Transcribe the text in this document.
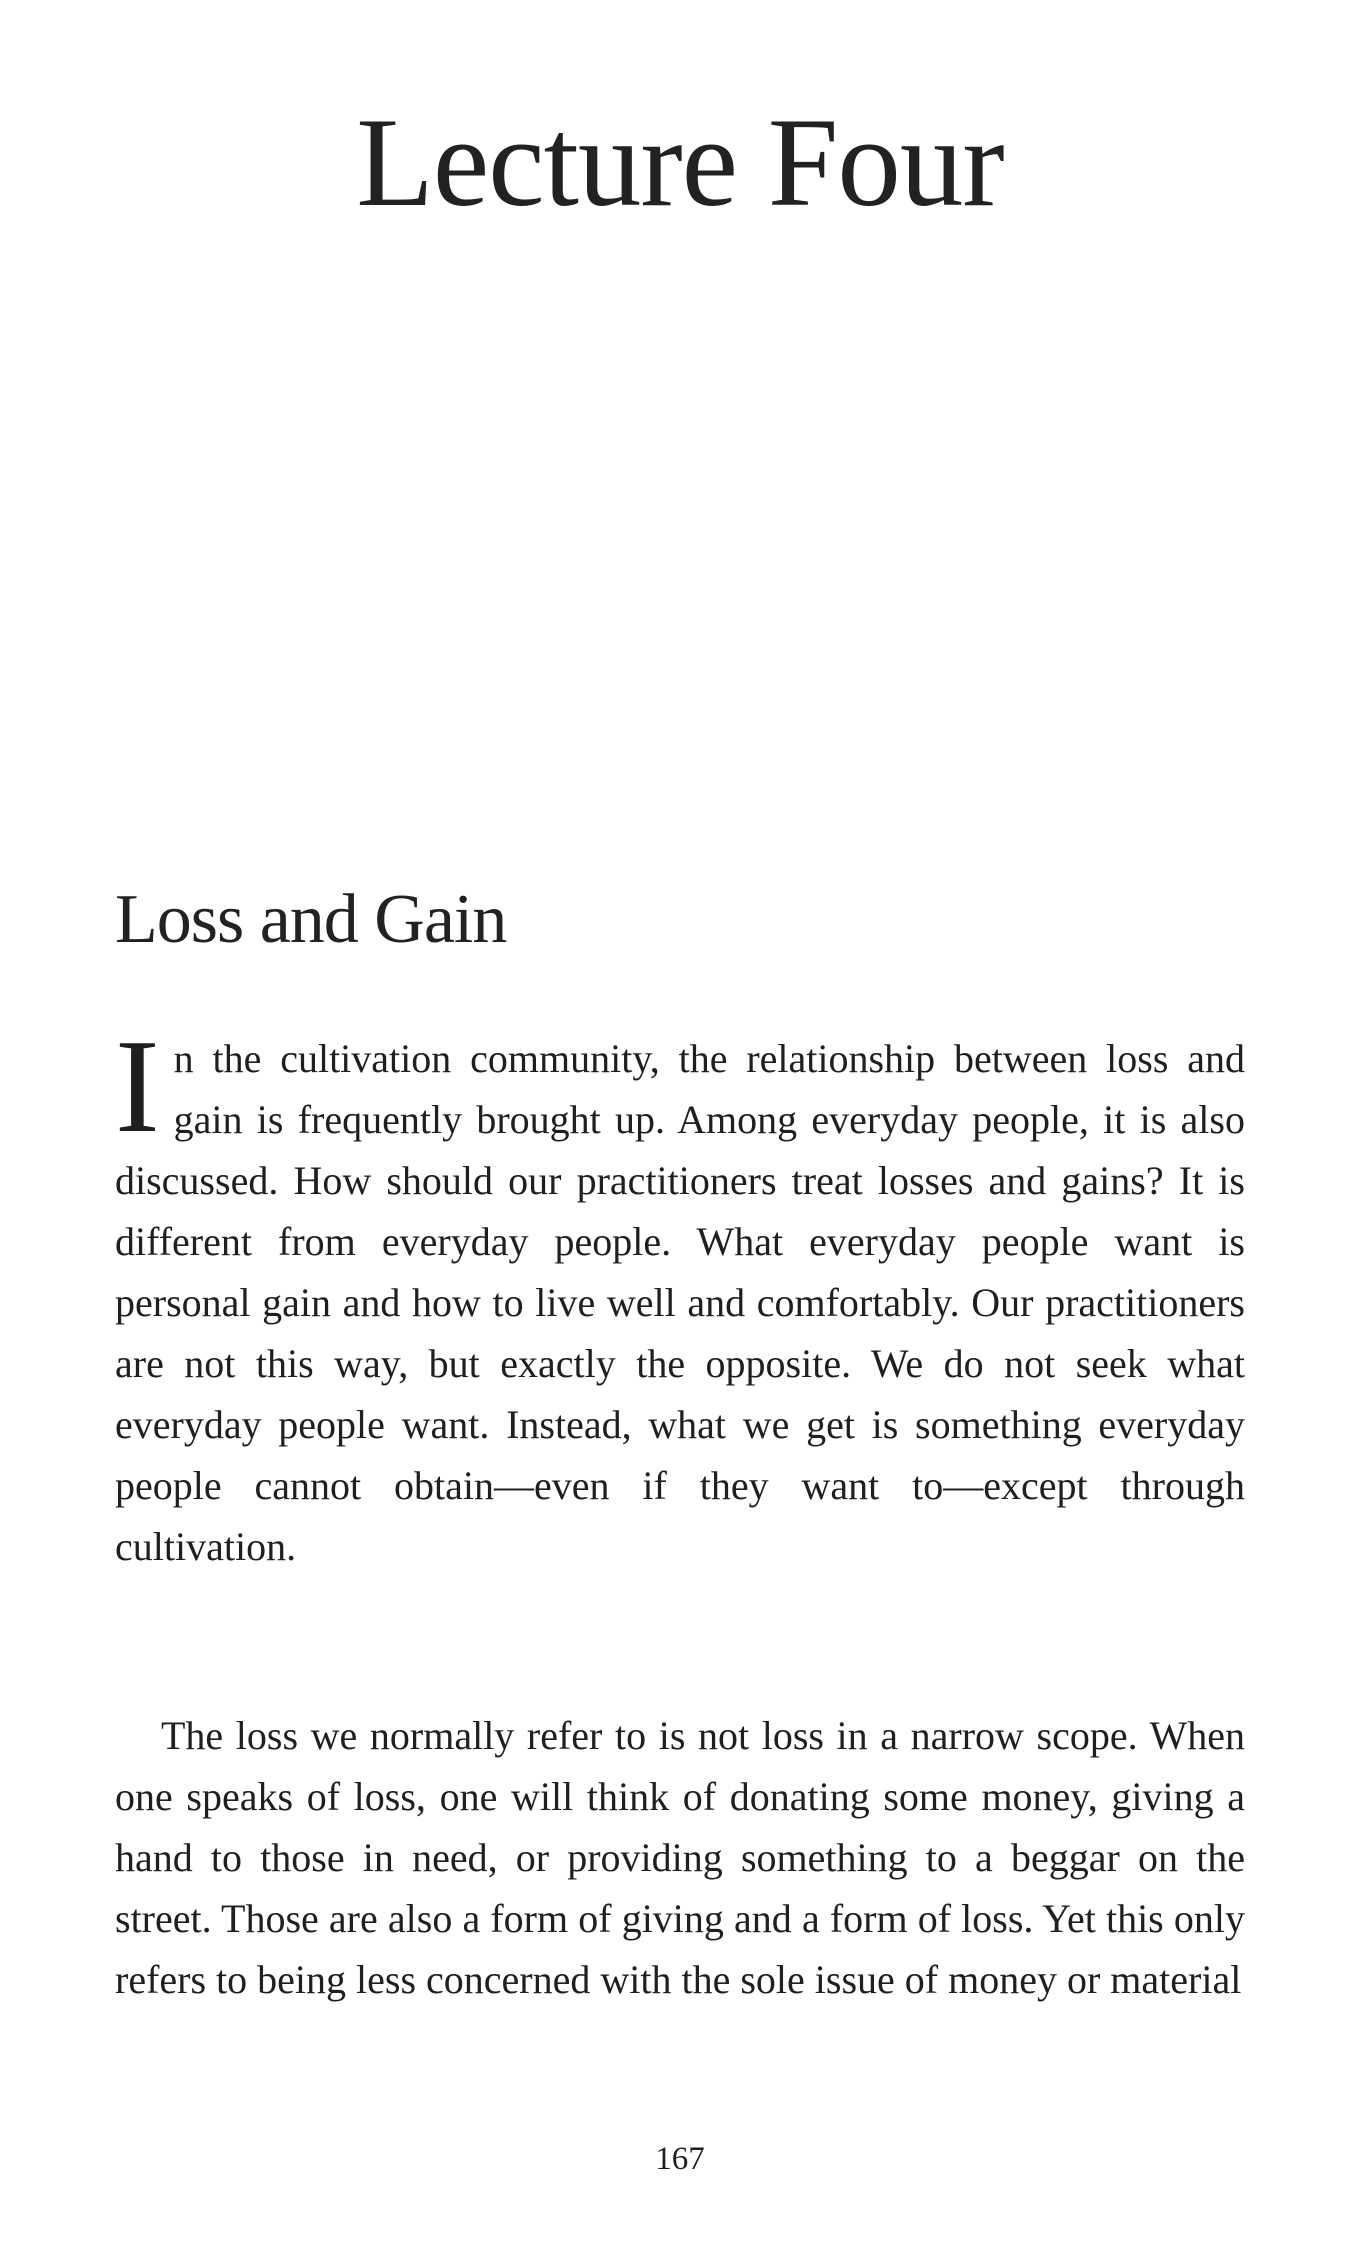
Lecture Four
Loss and Gain

In the cultivation community, the relationship between loss and gain is frequently brought up. Among everyday people, it is also discussed. How should our practitioners treat losses and gains? It is different from everyday people. What everyday people want is personal gain and how to live well and comfortably. Our practitioners are not this way, but exactly the opposite. We do not seek what everyday people want. Instead, what we get is something everyday people cannot obtain—even if they want to—except through cultivation.

The loss we normally refer to is not loss in a narrow scope. When one speaks of loss, one will think of donating some money, giving a hand to those in need, or providing something to a beggar on the street. Those are also a form of giving and a form of loss. Yet this only refers to being less concerned with the sole issue of money or material

167
